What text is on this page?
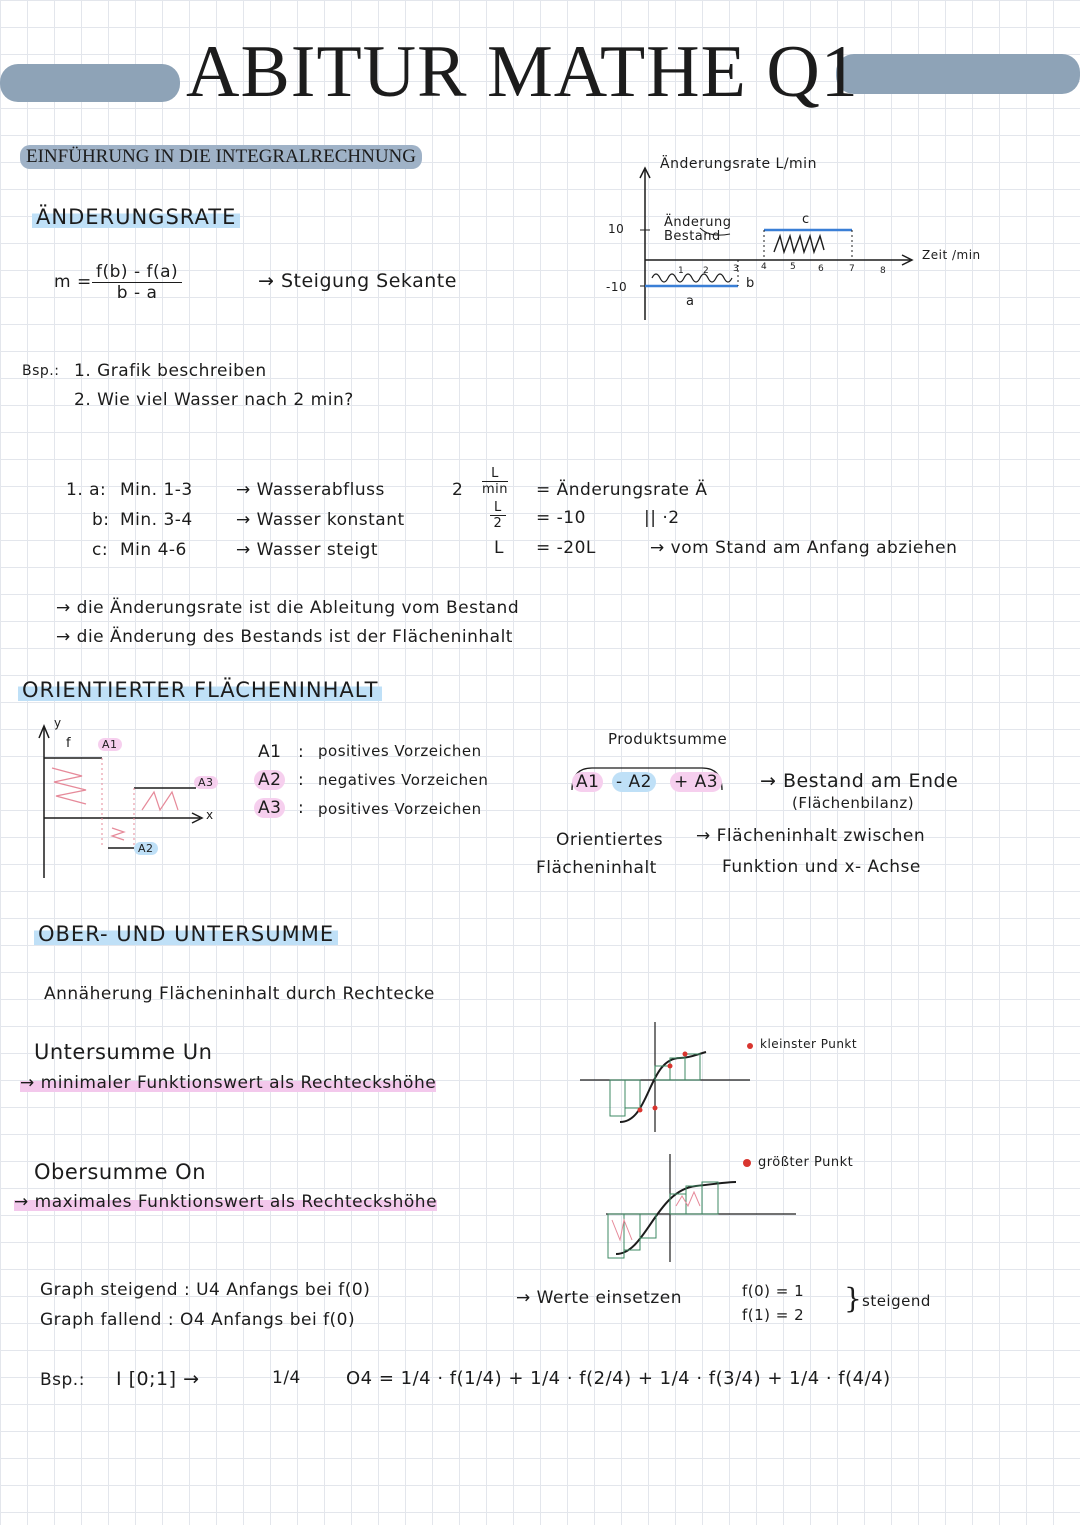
ABITUR MATHE Q1
EINFÜHRUNG IN DIE INTEGRALRECHNUNG
ÄNDERUNGSRATE
$m = \frac{f(b) - f(a)}{b - a}$	→ Steigung Sekante
Bsp.: 1. Grafik beschreiben
2. Wie viel Wasser nach 2 min?
1. a: Min. 1-3	→ Wasserabfluss
b: Min. 3-4	→ Wasser konstant
c: Min 4-6	→ Wasser steigt
2
L
min = Änderungsrate Ä
$\frac{L}{2} = -10$	|| ·2
L = -20L	→ vom Stand am Anfang abziehen
→ die Änderungsrate ist die Ableitung vom Bestand
→ die Änderung des Bestands ist der Flächeninhalt
Änderungsrate L/min
Zeit /min
10
-10
Änderung Bestand
a
b
c
1 2	3 4	5 6	7	8
ORIENTIERTER FLÄCHENINHALT
y
f
x
A1
A2
A3
A1 : positives Vorzeichen
A2 : negatives Vorzeichen
A3 : positives Vorzeichen
Produktsumme
A1 - A2 + A3 → Bestand am Ende
(Flächenbilanz)
Orientiertes
Flächeninhalt
→ Flächeninhalt zwischen
Funktion und x- Achse
OBER- UND UNTERSUMME
Annäherung Flächeninhalt durch Rechtecke
Untersumme Un
→ minimaler Funktionswert als Rechteckshöhe
kleinster Punkt
Obersumme On
→ maximales Funktionswert als Rechteckshöhe
größter Punkt
Graph steigend : U4 Anfangs bei f(0)
Graph fallend : O4 Anfangs bei f(0)
→ Werte einsetzen	f(0) = 1
f(1) = 2 } steigend
Bsp.: I [0;1] →	1/4	O4 = 1/4 · f(1/4) + 1/4 · f(2/4) + 1/4 · f(3/4) + 1/4 · f(4/4)
